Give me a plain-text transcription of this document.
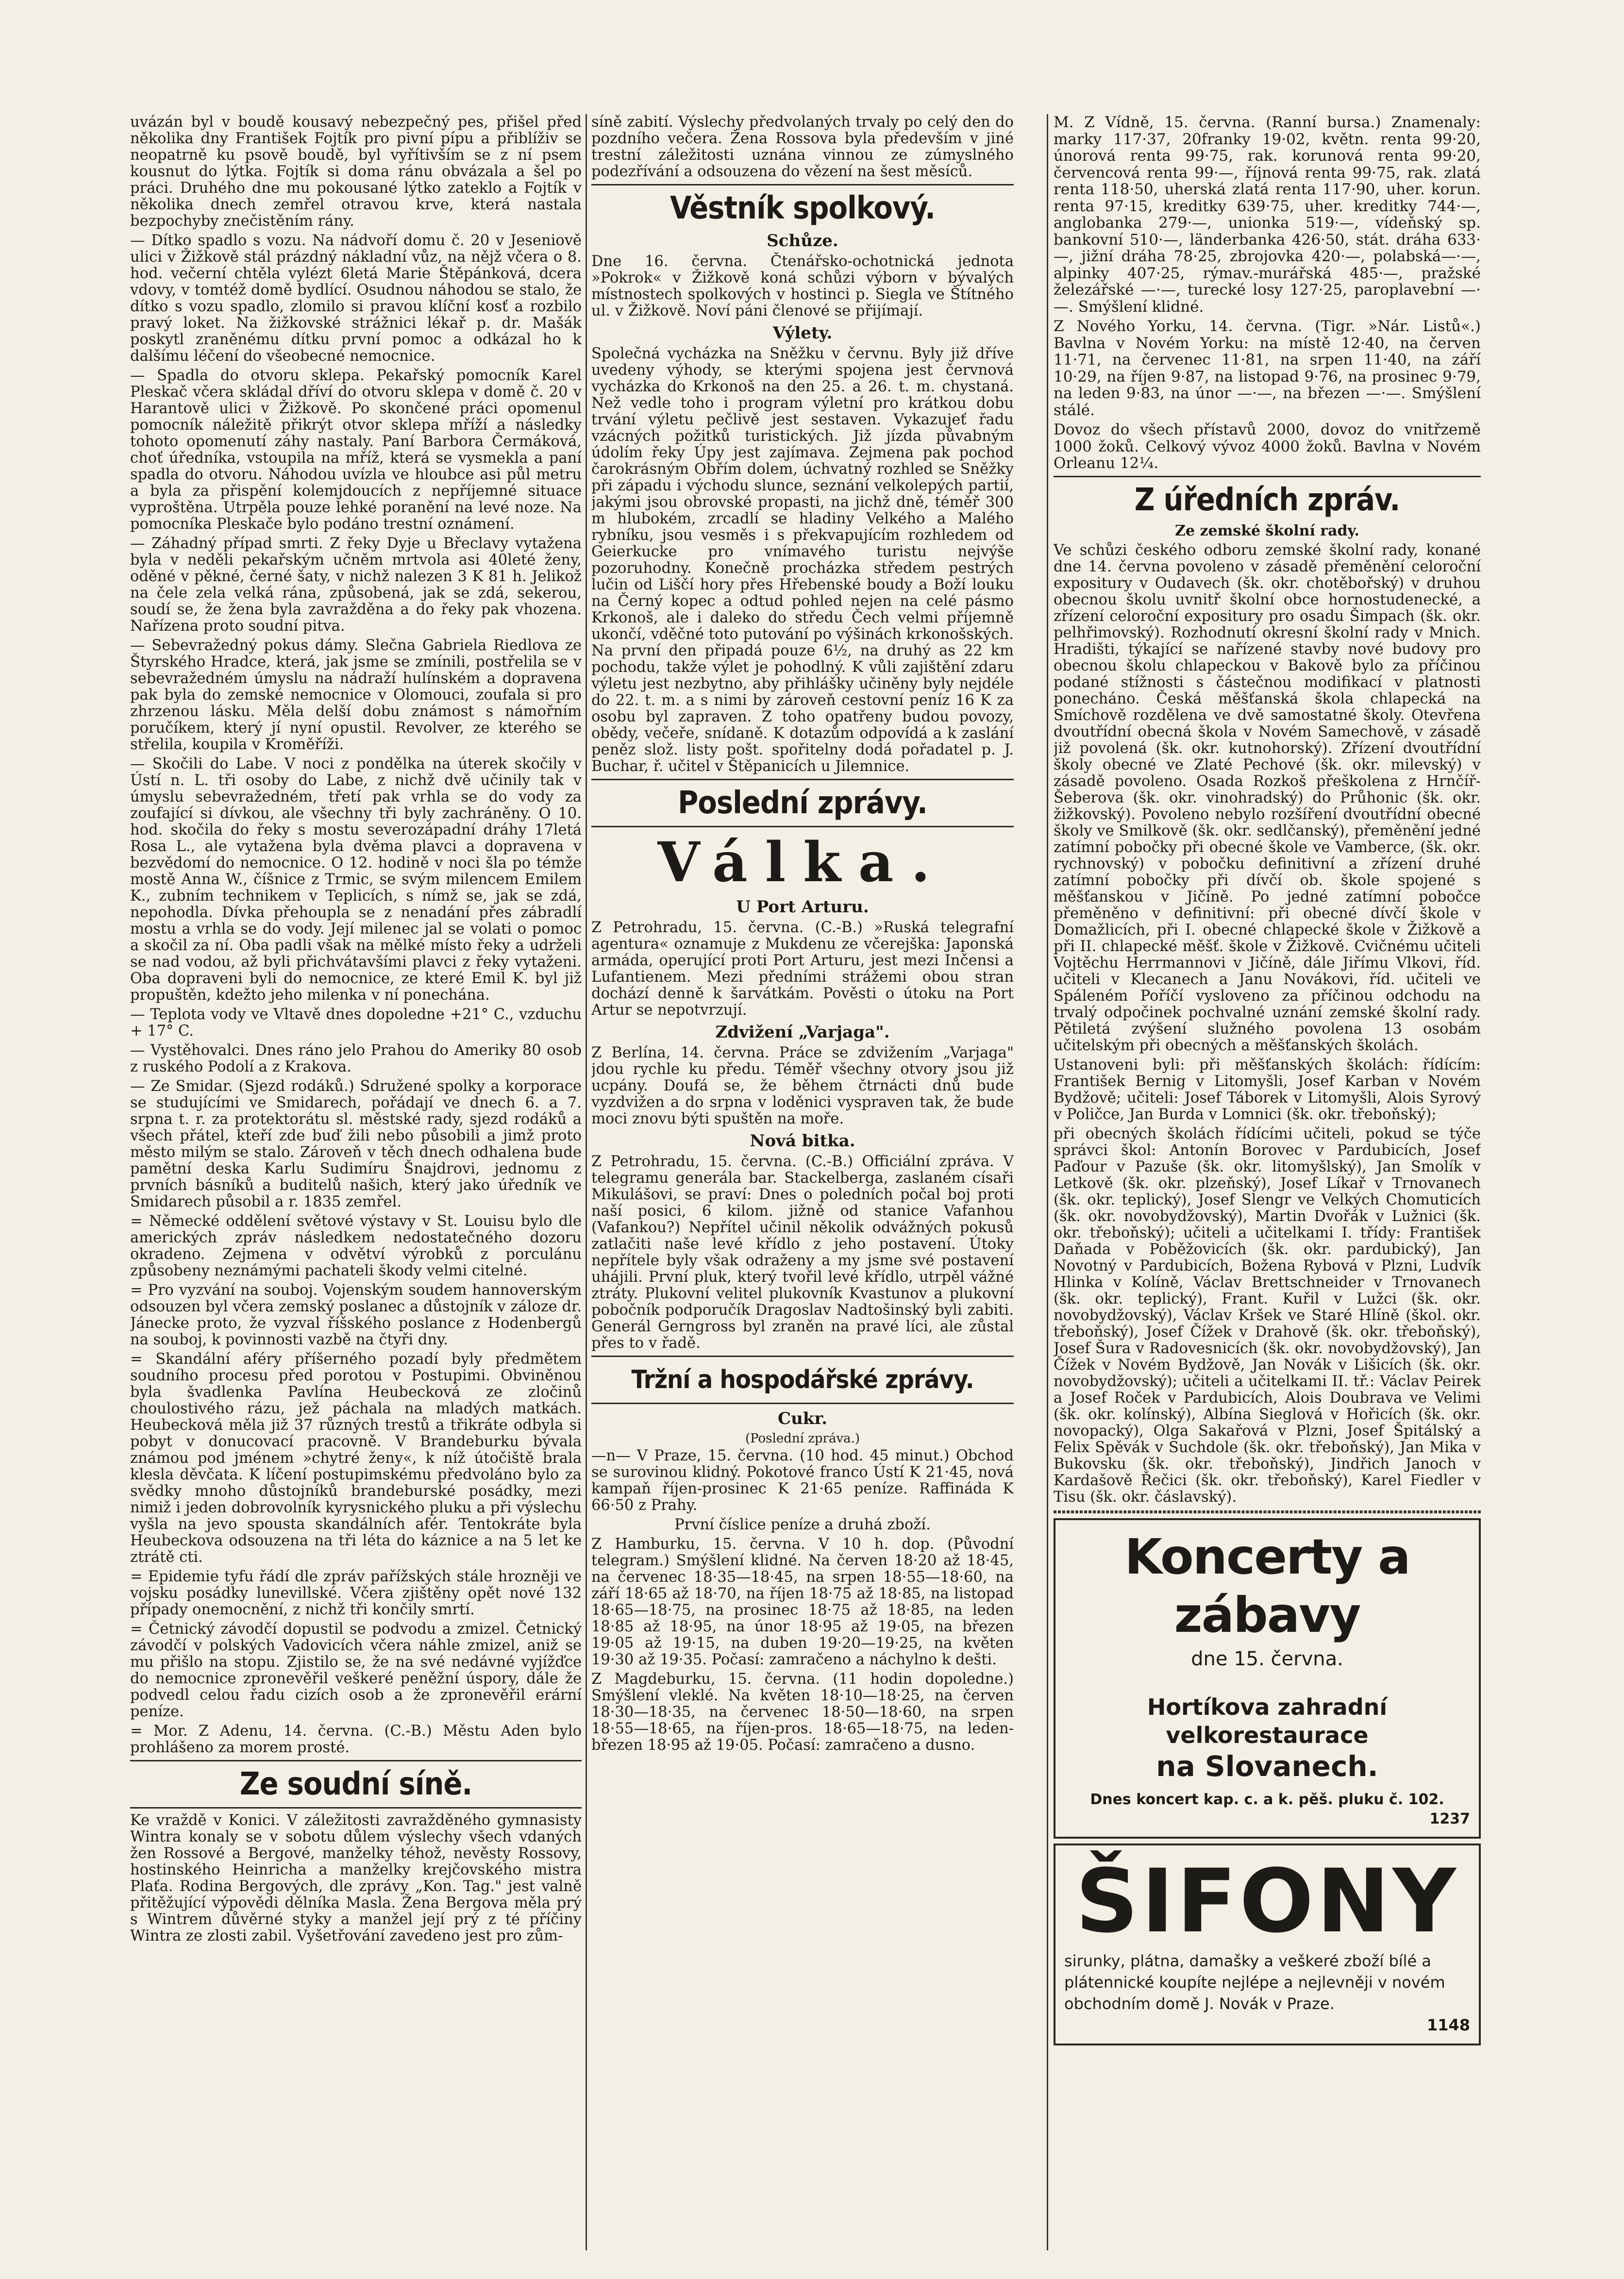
uvázán byl v boudě kousavý nebezpečný pes, přišel před několika dny František Fojtík pro pivní pípu a přiblíživ se neopatrně ku psově boudě, byl vyřítivším se z ní psem kousnut do lýtka. Fojtík si doma ránu obvázala a šel po práci. Druhého dne mu pokousané lýtko zateklo a Fojtík v několika dnech zemřel otravou krve, která nastala bezpochyby znečistěním rány.

— Dítko spadlo s vozu. Na nádvoří domu č. 20 v Jeseniově ulici v Žižkově stál prázdný nákladní vůz, na nějž včera o 8. hod. večerní chtěla vylézt 6letá Marie Štěpánková, dcera vdovy, v tomtéž domě bydlící. Osudnou náhodou se stalo, že dítko s vozu spadlo, zlomilo si pravou klíční kosť a rozbilo pravý loket. Na žižkovské strážnici lékař p. dr. Mašák poskytl zraněnému dítku první pomoc a odkázal ho k dalšímu léčení do všeobecné nemocnice.

— Spadla do otvoru sklepa. Pekařský pomocník Karel Pleskač včera skládal dříví do otvoru sklepa v domě č. 20 v Harantově ulici v Žižkově. Po skončené práci opomenul pomocník náležitě přikrýt otvor sklepa mříží a následky tohoto opomenutí záhy nastaly. Paní Barbora Čermáková, choť úředníka, vstoupila na mříž, která se vysmekla a paní spadla do otvoru. Náhodou uvízla ve hloubce asi půl metru a byla za přispění kolemjdoucích z nepříjemné situace vyproštěna. Utrpěla pouze lehké poranění na levé noze. Na pomocníka Pleskače bylo podáno trestní oznámení.

— Záhadný případ smrti. Z řeky Dyje u Břeclavy vytažena byla v neděli pekařským učněm mrtvola asi 40leté ženy, oděné v pěkné, černé šaty, v nichž nalezen 3 K 81 h. Jelikož na čele zela velká rána, způsobená, jak se zdá, sekerou, soudí se, že žena byla zavražděna a do řeky pak vhozena. Nařízena proto soudní pitva.

— Sebevražedný pokus dámy. Slečna Gabriela Riedlova ze Štyrského Hradce, která, jak jsme se zmínili, postřelila se v sebevražedném úmyslu na nádraží hulínském a dopravena pak byla do zemské nemocnice v Olomouci, zoufala si pro zhrzenou lásku. Měla delší dobu známost s námořním poručíkem, který jí nyní opustil. Revolver, ze kterého se střelila, koupila v Kroměříži.

— Skočili do Labe. V noci z pondělka na úterek skočily v Ústí n. L. tři osoby do Labe, z nichž dvě učinily tak v úmyslu sebevražedném, třetí pak vrhla se do vody za zoufající si dívkou, ale všechny tři byly zachráněny. O 10. hod. skočila do řeky s mostu severozápadní dráhy 17letá Rosa L., ale vytažena byla dvěma plavci a dopravena v bezvědomí do nemocnice. O 12. hodině v noci šla po témže mostě Anna W., číšnice z Trmic, se svým milencem Emilem K., zubním technikem v Teplicích, s nímž se, jak se zdá, nepohodla. Dívka přehoupla se z nenadání přes zábradlí mostu a vrhla se do vody. Její milenec jal se volati o pomoc a skočil za ní. Oba padli však na mělké místo řeky a udrželi se nad vodou, až byli přichvátavšími plavci z řeky vytaženi. Oba dopraveni byli do nemocnice, ze které Emil K. byl již propuštěn, kdežto jeho milenka v ní ponechána.

— Teplota vody ve Vltavě dnes dopoledne +21° C., vzduchu + 17° C.

— Vystěhovalci. Dnes ráno jelo Prahou do Ameriky 80 osob z ruského Podolí a z Krakova.

— Ze Smidar. (Sjezd rodáků.) Sdružené spolky a korporace se studujícími ve Smidarech, pořádají ve dnech 6. a 7. srpna t. r. za protektorátu sl. městské rady, sjezd rodáků a všech přátel, kteří zde buď žili nebo působili a jimž proto město milým se stalo. Zároveň v těch dnech odhalena bude pamětní deska Karlu Sudimíru Šnajdrovi, jednomu z prvních básníků a buditelů našich, který jako úředník ve Smidarech působil a r. 1835 zemřel.

= Německé oddělení světové výstavy v St. Louisu bylo dle amerických zpráv následkem nedostatečného dozoru okradeno. Zejmena v odvětví výrobků z porculánu způsobeny neznámými pachateli škody velmi citelné.

= Pro vyzvání na souboj. Vojenským soudem hannoverským odsouzen byl včera zemský poslanec a důstojník v záloze dr. Jánecke proto, že vyzval říšského poslance z Hodenbergů na souboj, k povinnosti vazbě na čtyři dny.

= Skandální aféry příšerného pozadí byly předmětem soudního procesu před porotou v Postupimi. Obviněnou byla švadlenka Pavlína Heubecková ze zločinů choulostivého rázu, jež páchala na mladých matkách. Heubecková měla již 37 různých trestů a třikráte odbyla si pobyt v donucovací pracovně. V Brandeburku bývala známou pod jménem »chytré ženy«, k níž útočiště brala klesla děvčata. K líčení postupimskému předvoláno bylo za svědky mnoho důstojníků brandeburské posádky, mezi nimiž i jeden dobrovolník kyrysnického pluku a při výslechu vyšla na jevo spousta skandálních afér. Tentokráte byla Heubeckova odsouzena na tři léta do káznice a na 5 let ke ztrátě cti.

= Epidemie tyfu řádí dle zpráv pařížských stále hrozněji ve vojsku posádky lunevillské. Včera zjištěny opět nové 132 případy onemocnění, z nichž tři končily smrtí.

= Četnický závodčí dopustil se podvodu a zmizel. Četnický závodčí v polských Vadovicích včera náhle zmizel, aniž se mu přišlo na stopu. Zjistilo se, že na své nedávné vyjížďce do nemocnice zpronevěřil veškeré peněžní úspory, dále že podvedl celou řadu cizích osob a že zpronevěřil erární peníze.

= Mor. Z Adenu, 14. června. (C.-B.) Městu Aden bylo prohlášeno za morem prosté.

Ze soudní síně.

Ke vraždě v Konici. V záležitosti zavražděného gymnasisty Wintra konaly se v sobotu důlem výslechy všech vdaných žen Rossové a Bergové, manželky téhož, nevěsty Rossovy, hostinského Heinricha a manželky krejčovského mistra Plaťa. Rodina Bergových, dle zprávy „Kon. Tag." jest valně přitěžující výpovědi dělníka Masla. Žena Bergova měla prý s Wintrem důvěrné styky a manžel její prý z té příčiny Wintra ze zlosti zabil. Vyšetřování zavedeno jest pro zům-

síně zabití. Výslechy předvolaných trvaly po celý den do pozdního večera. Žena Rossova byla především v jiné trestní záležitosti uznána vinnou ze zúmyslného podezřívání a odsouzena do vězení na šest měsíců.

Věstník spolkový.
Schůze.

Dne 16. června. Čtenářsko-ochotnická jednota »Pokrok« v Žižkově koná schůzi výborn v bývalých místnostech spolkových v hostinci p. Siegla ve Štítného ul. v Žižkově. Noví páni členové se přijímají.

Výlety.

Společná vycházka na Sněžku v červnu. Byly již dříve uvedeny výhody, se kterými spojena jest červnová vycházka do Krkonoš na den 25. a 26. t. m. chystaná. Než vedle toho i program výletní pro krátkou dobu trvání výletu pečlivě jest sestaven. Vykazujeť řadu vzácných požitků turistických. Již jízda půvabným údolím řeky Úpy jest zajímava. Zejmena pak pochod čarokrásným Obřím dolem, úchvatný rozhled se Sněžky při západu i východu slunce, seznání velkolepých partií, jakými jsou obrovské propasti, na jichž dně, téměř 300 m hlubokém, zrcadlí se hladiny Velkého a Malého rybníku, jsou vesměs i s překvapujícím rozhledem od Geierkucke pro vnímavého turistu nejvýše pozoruhodny. Konečně procházka středem pestrých lučin od Liščí hory přes Hřebenské boudy a Boží louku na Černý kopec a odtud pohled nejen na celé pásmo Krkonoš, ale i daleko do středu Čech velmi příjemně ukončí, vděčné toto putování po výšinách krkonošských. Na první den připadá pouze 6½, na druhý as 22 km pochodu, takže výlet je pohodlný. K vůli zajištění zdaru výletu jest nezbytno, aby přihlášky učiněny byly nejdéle do 22. t. m. a s nimi by zároveň cestovní peníz 16 K za osobu byl zapraven. Z toho opatřeny budou povozy, obědy, večeře, snídaně. K dotazům odpovídá a k zaslání peněz slož. listy pošt. spořitelny dodá pořadatel p. J. Buchar, ř. učitel v Štěpanicích u Jilemnice.

Poslední zprávy.
Válka.
U Port Arturu.

Z Petrohradu, 15. června. (C.-B.) »Ruská telegrafní agentura« oznamuje z Mukdenu ze včerejška: Japonská armáda, operující proti Port Arturu, jest mezi Inčensi a Lufantienem. Mezi předními strážemi obou stran dochází denně k šarvátkám. Pověsti o útoku na Port Artur se nepotvrzují.

Zdvižení „Varjaga".

Z Berlína, 14. června. Práce se zdvižením „Varjaga" jdou rychle ku předu. Téměř všechny otvory jsou již ucpány. Doufá se, že během čtrnácti dnů bude vyzdvižen a do srpna v loděnici vyspraven tak, že bude moci znovu býti spuštěn na moře.

Nová bitka.

Z Petrohradu, 15. června. (C.-B.) Officiální zpráva. V telegramu generála bar. Stackelberga, zaslaném císaři Mikulášovi, se praví: Dnes o poledních počal boj proti naší posici, 6 kilom. jižně od stanice Vafanhou (Vafankou?) Nepřítel učinil několik odvážných pokusů zatlačiti naše levé křídlo z jeho postavení. Útoky nepřítele byly však odraženy a my jsme své postavení uhájili. První pluk, který tvořil levé křídlo, utrpěl vážné ztráty. Plukovní velitel plukovník Kvastunov a plukovní pobočník podporučík Dragoslav Nadtošinský byli zabiti. Generál Gerngross byl zraněn na pravé líci, ale zůstal přes to v řadě.

Tržní a hospodářské zprávy.
Cukr.
(Poslední zpráva.)

—n— V Praze, 15. června. (10 hod. 45 minut.) Obchod se surovinou klidný. Pokotové franco Ústí K 21·45, nová kampaň říjen-prosinec K 21·65 peníze. Raffináda K 66·50 z Prahy.

První číslice peníze a druhá zboží.

Z Hamburku, 15. června. V 10 h. dop. (Původní telegram.) Smýšlení klidné. Na červen 18·20 až 18·45, na červenec 18·35—18·45, na srpen 18·55—18·60, na září 18·65 až 18·70, na říjen 18·75 až 18·85, na listopad 18·65—18·75, na prosinec 18·75 až 18·85, na leden 18·85 až 18·95, na únor 18·95 až 19·05, na březen 19·05 až 19·15, na duben 19·20—19·25, na květen 19·30 až 19·35. Počasí: zamračeno a náchylno k dešti.

Z Magdeburku, 15. června. (11 hodin dopoledne.) Smýšlení vleklé. Na květen 18·10—18·25, na červen 18·30—18·35, na červenec 18·50—18·60, na srpen 18·55—18·65, na říjen-pros. 18·65—18·75, na leden-březen 18·95 až 19·05. Počasí: zamračeno a dusno.

M. Z Vídně, 15. června. (Ranní bursa.) Znamenaly: marky 117·37, 20franky 19·02, květn. renta 99·20, únorová renta 99·75, rak. korunová renta 99·20, červencová renta 99·—, říjnová renta 99·75, rak. zlatá renta 118·50, uherská zlatá renta 117·90, uher. korun. renta 97·15, kreditky 639·75, uher. kreditky 744·—, anglobanka 279·—, unionka 519·—, vídeňský sp. bankovní 510·—, länderbanka 426·50, stát. dráha 633·—, jižní dráha 78·25, zbrojovka 420·—, polabská—·—, alpinky 407·25, rýmav.-murářská 485·—, pražské železářské —·—, turecké losy 127·25, paroplavební —·—. Smýšlení klidné.

Z Nového Yorku, 14. června. (Tigr. »Nár. Listů«.) Bavlna v Novém Yorku: na místě 12·40, na červen 11·71, na červenec 11·81, na srpen 11·40, na září 10·29, na říjen 9·87, na listopad 9·76, na prosinec 9·79, na leden 9·83, na únor —·—, na březen —·—. Smýšlení stálé.

Dovoz do všech přístavů 2000, dovoz do vnitřzemě 1000 žoků. Celkový vývoz 4000 žoků. Bavlna v Novém Orleanu 12¼.

Z úředních zpráv.
Ze zemské školní rady.

Ve schůzi českého odboru zemské školní rady, konané dne 14. června povoleno v zásadě přeměnění celoroční expositury v Oudavech (šk. okr. chotěbořský) v druhou obecnou školu uvnitř školní obce hornostudenecké, a zřízení celoroční expositury pro osadu Šimpach (šk. okr. pelhřimovský). Rozhodnutí okresní školní rady v Mnich. Hradišti, týkající se nařízené stavby nové budovy pro obecnou školu chlapeckou v Bakově bylo za příčinou podané stížnosti s částečnou modifikací v platnosti ponecháno. Česká měšťanská škola chlapecká na Smíchově rozdělena ve dvě samostatné školy. Otevřena dvoutřídní obecná škola v Novém Samechově, v zásadě již povolená (šk. okr. kutnohorský). Zřízení dvoutřídní školy obecné ve Zlaté Pechové (šk. okr. milevský) v zásadě povoleno. Osada Rozkoš přeškolena z Hrnčíř-Šeberova (šk. okr. vinohradský) do Průhonic (šk. okr. žižkovský). Povoleno nebylo rozšíření dvoutřídní obecné školy ve Smilkově (šk. okr. sedlčanský), přeměnění jedné zatímní pobočky při obecné škole ve Vamberce, (šk. okr. rychnovský) v pobočku definitivní a zřízení druhé zatímní pobočky při dívčí ob. škole spojené s měšťanskou v Jičíně. Po jedné zatímní pobočce přeměněno v definitivní: při obecné dívčí škole v Domažlicích, při I. obecné chlapecké škole v Žižkově a při II. chlapecké měšť. škole v Žižkově. Cvičnému učiteli Vojtěchu Herrmannovi v Jičíně, dále Jiřímu Vlkovi, říd. učiteli v Klecanech a Janu Novákovi, říd. učiteli ve Spáleném Poříčí vysloveno za příčinou odchodu na trvalý odpočinek pochvalné uznání zemské školní rady. Pětiletá zvýšení služného povolena 13 osobám učitelským při obecných a měšťanských školách.

Ustanoveni byli: při měšťanských školách: řídícím: František Bernig v Litomyšli, Josef Karban v Novém Bydžově; učiteli: Josef Táborek v Litomyšli, Alois Syrový v Poličce, Jan Burda v Lomnici (šk. okr. třeboňský);

při obecných školách řídícími učiteli, pokud se týče správci škol: Antonín Borovec v Pardubicích, Josef Paďour v Pazuše (šk. okr. litomyšlský), Jan Smolík v Letkově (šk. okr. plzeňský), Josef Líkař v Trnovanech (šk. okr. teplický), Josef Slengr ve Velkých Chomuticích (šk. okr. novobydžovský), Martin Dvořák v Lužnici (šk. okr. třeboňský); učiteli a učitelkami I. třídy: František Daňada v Poběžovicích (šk. okr. pardubický), Jan Novotný v Pardubicích, Božena Rybová v Plzni, Ludvík Hlinka v Kolíně, Václav Brettschneider v Trnovanech (šk. okr. teplický), Frant. Kuřil v Lužci (šk. okr. novobydžovský), Václav Kršek ve Staré Hlíně (škol. okr. třeboňský), Josef Čížek v Drahově (šk. okr. třeboňský), Josef Šura v Radovesnicích (šk. okr. novobydžovský), Jan Čížek v Novém Bydžově, Jan Novák v Lišicích (šk. okr. novobydžovský); učiteli a učitelkami II. tř.: Václav Peirek a Josef Roček v Pardubicích, Alois Doubrava ve Velimi (šk. okr. kolínský), Albína Sieglová v Hořicích (šk. okr. novopacký), Olga Sakařová v Plzni, Josef Špitálský a Felix Spěvák v Suchdole (šk. okr. třeboňský), Jan Mika v Bukovsku (šk. okr. třeboňský), Jindřich Janoch v Kardašově Řečici (šk. okr. třeboňský), Karel Fiedler v Tisu (šk. okr. čáslavský).

Koncerty a zábavy
dne 15. června.
Hortíkova zahradní velkorestaurace
na Slovanech.
Dnes koncert kap. c. a k. pěš. pluku č. 102.
1237
ŠIFONY
sirunky, plátna, damašky a veškeré zboží bílé a plátennické koupíte nejlépe a nejlevněji v novém obchodním domě J. Novák v Praze.
1148
